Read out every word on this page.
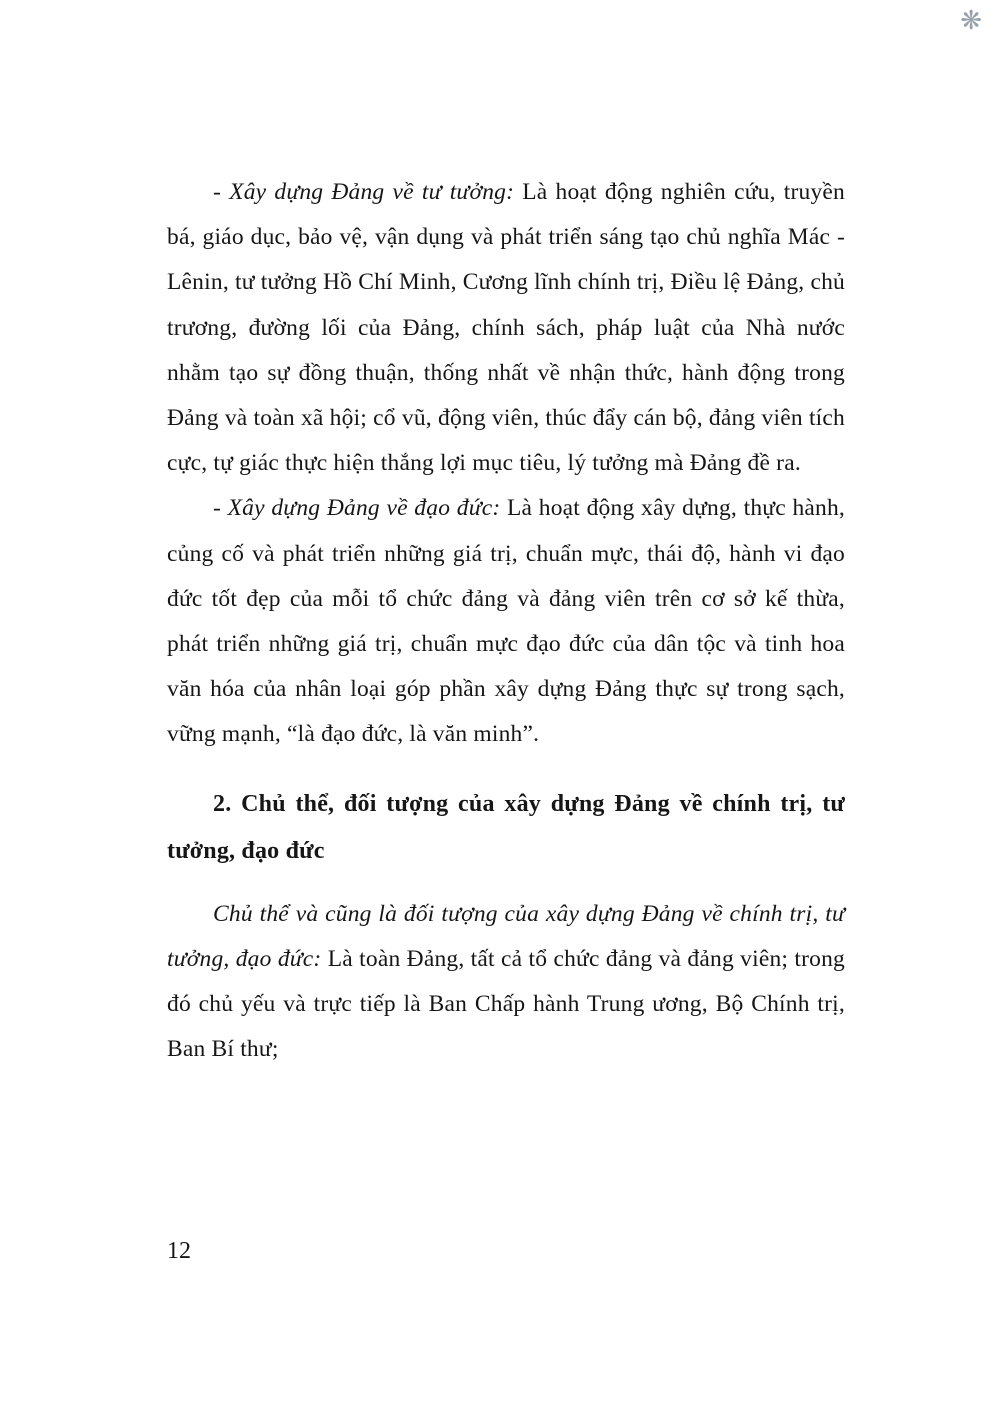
❋

- Xây dựng Đảng về tư tưởng: Là hoạt động nghiên cứu, truyền bá, giáo dục, bảo vệ, vận dụng và phát triển sáng tạo chủ nghĩa Mác - Lênin, tư tưởng Hồ Chí Minh, Cương lĩnh chính trị, Điều lệ Đảng, chủ trương, đường lối của Đảng, chính sách, pháp luật của Nhà nước nhằm tạo sự đồng thuận, thống nhất về nhận thức, hành động trong Đảng và toàn xã hội; cổ vũ, động viên, thúc đẩy cán bộ, đảng viên tích cực, tự giác thực hiện thắng lợi mục tiêu, lý tưởng mà Đảng đề ra.

- Xây dựng Đảng về đạo đức: Là hoạt động xây dựng, thực hành, củng cố và phát triển những giá trị, chuẩn mực, thái độ, hành vi đạo đức tốt đẹp của mỗi tổ chức đảng và đảng viên trên cơ sở kế thừa, phát triển những giá trị, chuẩn mực đạo đức của dân tộc và tinh hoa văn hóa của nhân loại góp phần xây dựng Đảng thực sự trong sạch, vững mạnh, “là đạo đức, là văn minh”.

2. Chủ thể, đối tượng của xây dựng Đảng về chính trị, tư tưởng, đạo đức

Chủ thể và cũng là đối tượng của xây dựng Đảng về chính trị, tư tưởng, đạo đức: Là toàn Đảng, tất cả tổ chức đảng và đảng viên; trong đó chủ yếu và trực tiếp là Ban Chấp hành Trung ương, Bộ Chính trị, Ban Bí thư;

12
